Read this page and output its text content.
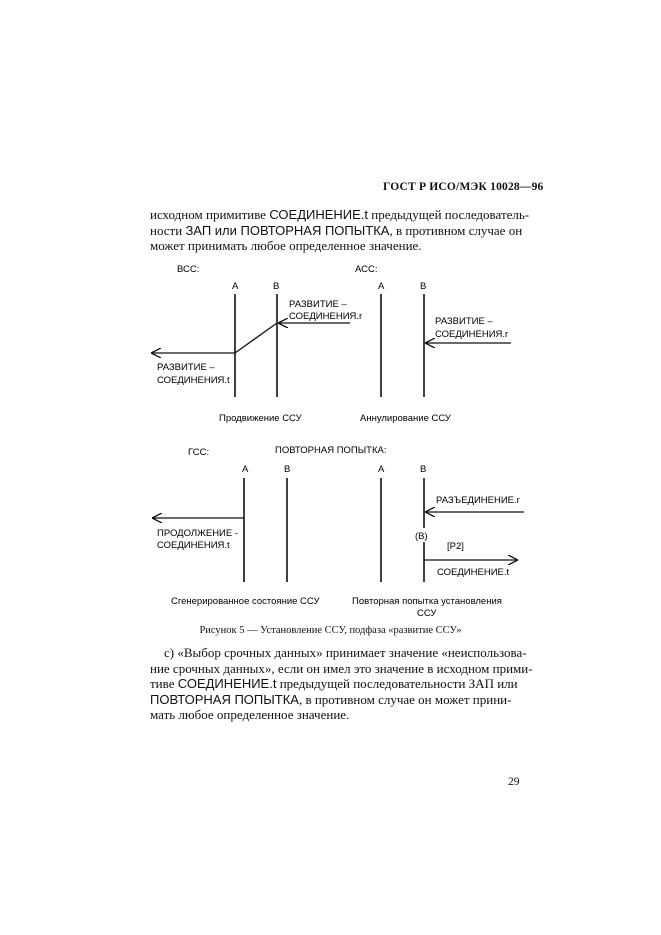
ГОСТ Р ИСО/МЭК 10028—96
исходном примитиве СОЕДИНЕНИЕ.t предыдущей последователь-
ности ЗАП или ПОВТОРНАЯ ПОПЫТКА, в противном случае он
может принимать любое определенное значение.
ВСС:
А	В
РАЗВИТИЕ –
СОЕДИНЕНИЯ.r
РАЗВИТИЕ –
СОЕДИНЕНИЯ.t
Продвижение ССУ
АСС:
А	В
РАЗВИТИЕ –
СОЕДИНЕНИЯ.r
Аннулирование ССУ
ГСС:
А	В
ПРОДОЛЖЕНИЕ -
СОЕДИНЕНИЯ.t
Сгенерированное состояние ССУ
ПОВТОРНАЯ ПОПЫТКА:
А	В
РАЗЪЕДИНЕНИЕ.r
(В)
[Р2]
СОЕДИНЕНИЕ.t
Повторная попытка установления
ССУ
Рисунок 5 — Установление ССУ, подфаза «развитие ССУ»
с) «Выбор срочных данных» принимает значение «неиспользова-
ние срочных данных», если он имел это значение в исходном прими-
тиве СОЕДИНЕНИЕ.t предыдущей последовательности ЗАП или
ПОВТОРНАЯ ПОПЫТКА, в противном случае он может прини-
мать любое определенное значение.
29
